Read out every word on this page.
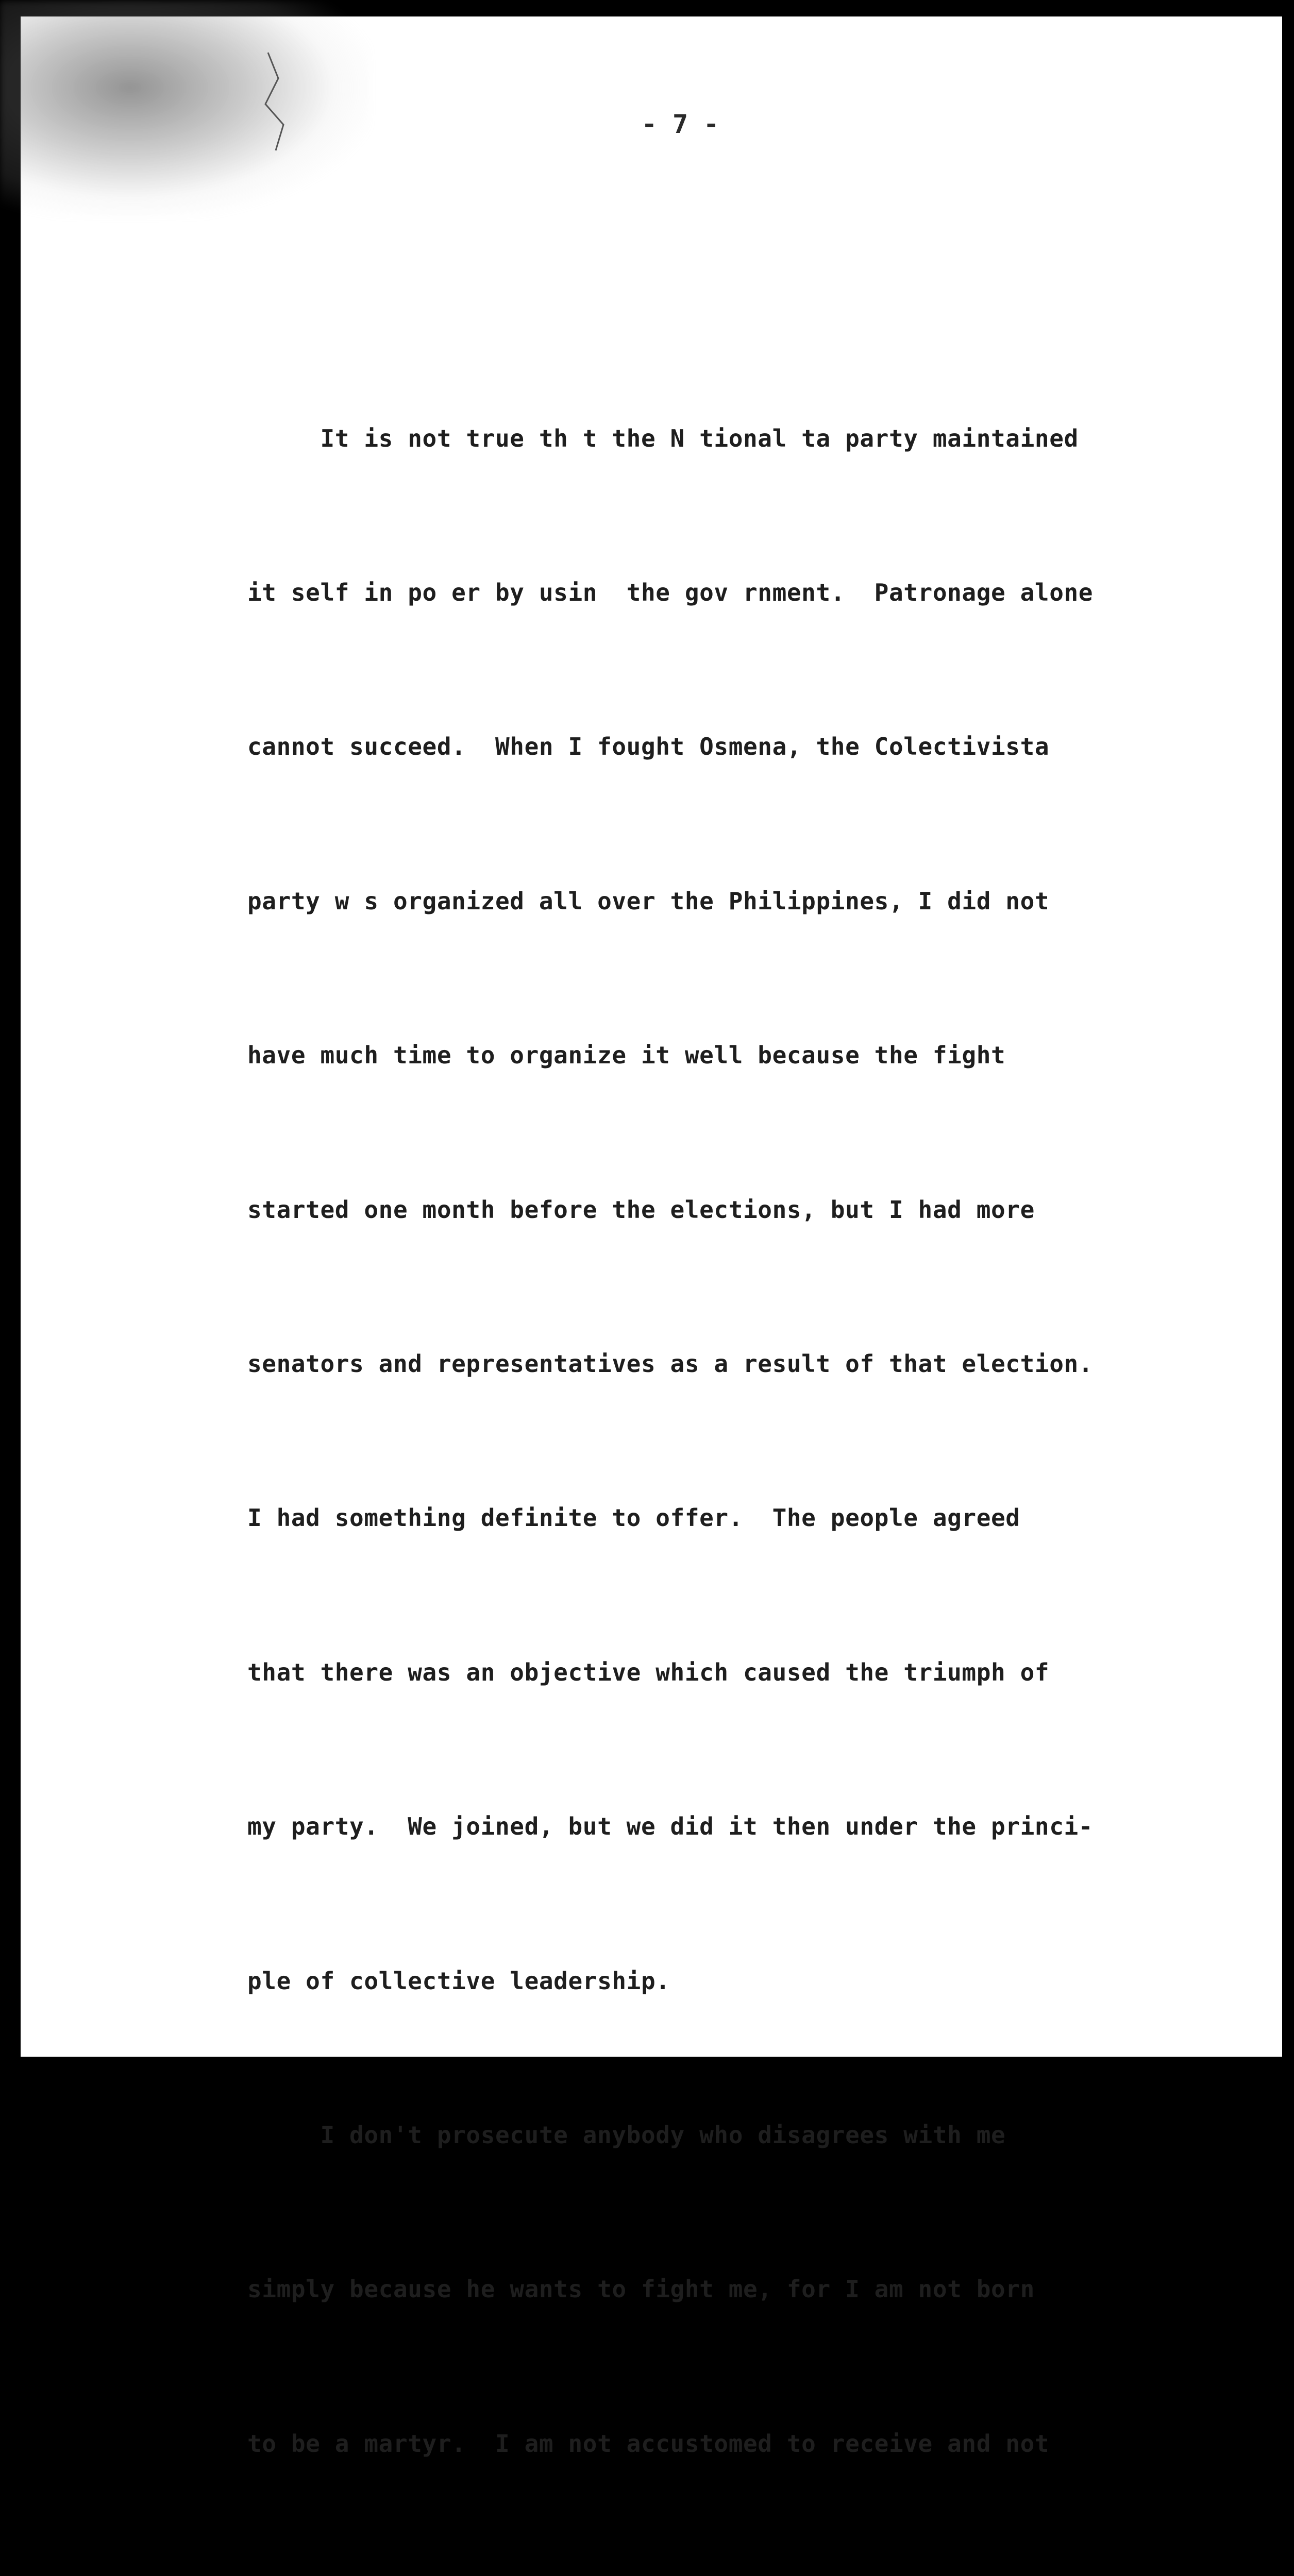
- 7 -

It is not true th t the N tional ta party maintained

it self in po er by usin  the gov rnment.  Patronage alone

cannot succeed.  When I fought Osmena, the Colectivista

party w s organized all over the Philippines, I did not

have much time to organize it well because the fight

started one month before the elections, but I had more

senators and representatives as a result of that election.

I had something definite to offer.  The people agreed

that there was an objective which caused the triumph of

my party.  We joined, but we did it then under the princi-

ple of collective leadership.

I don't prosecute anybody who disagrees with me

simply because he wants to fight me, for I am not born

to be a martyr.  I am not accustomed to receive and not
